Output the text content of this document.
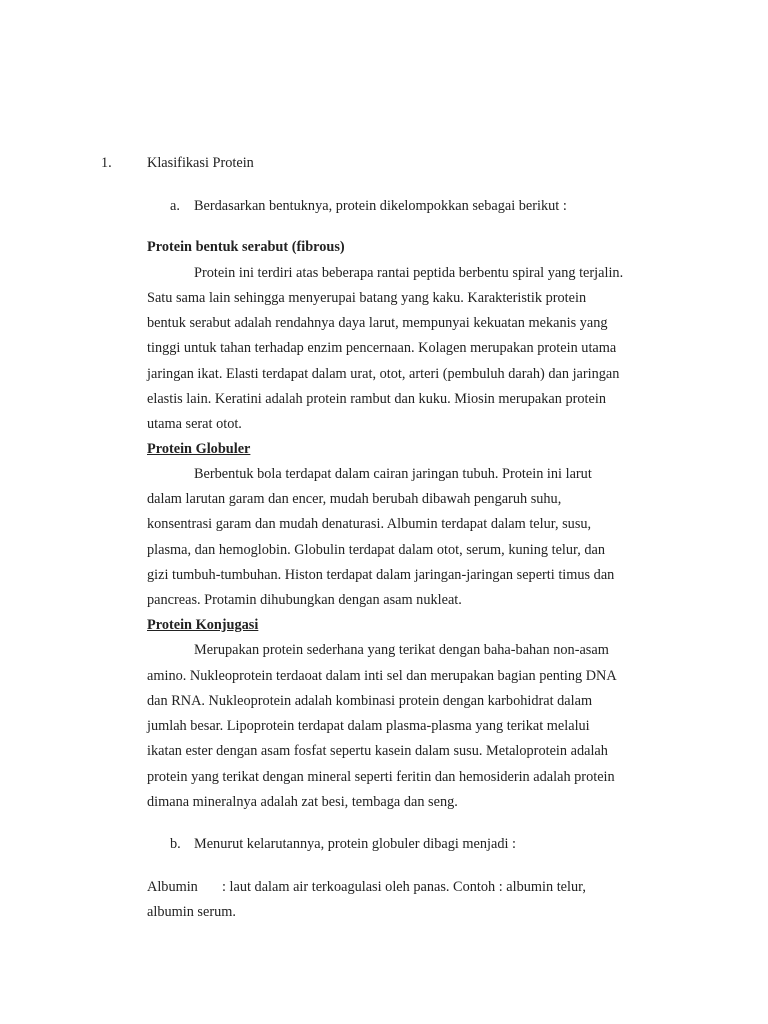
1. Klasifikasi Protein
a. Berdasarkan bentuknya, protein dikelompokkan sebagai berikut :
Protein bentuk serabut (fibrous)
Protein ini terdiri atas beberapa rantai peptida berbentu spiral yang terjalin.
Satu sama lain sehingga menyerupai batang yang kaku. Karakteristik protein
bentuk serabut adalah rendahnya daya larut, mempunyai kekuatan mekanis yang
tinggi untuk tahan terhadap enzim pencernaan. Kolagen merupakan protein utama
jaringan ikat. Elasti terdapat dalam urat, otot, arteri (pembuluh darah) dan jaringan
elastis lain. Keratini adalah protein rambut dan kuku. Miosin merupakan protein
utama serat otot.
Protein Globuler
Berbentuk bola terdapat dalam cairan jaringan tubuh. Protein ini larut
dalam larutan garam dan encer, mudah berubah dibawah pengaruh suhu,
konsentrasi garam dan mudah denaturasi. Albumin terdapat dalam telur, susu,
plasma, dan hemoglobin. Globulin terdapat dalam otot, serum, kuning telur, dan
gizi tumbuh-tumbuhan. Histon terdapat dalam jaringan-jaringan seperti timus dan
pancreas. Protamin dihubungkan dengan asam nukleat.
Protein Konjugasi
Merupakan protein sederhana yang terikat dengan baha-bahan non-asam
amino. Nukleoprotein terdaoat dalam inti sel dan merupakan bagian penting DNA
dan RNA. Nukleoprotein adalah kombinasi protein dengan karbohidrat dalam
jumlah besar. Lipoprotein terdapat dalam plasma-plasma yang terikat melalui
ikatan ester dengan asam fosfat sepertu kasein dalam susu. Metaloprotein adalah
protein yang terikat dengan mineral seperti feritin dan hemosiderin adalah protein
dimana mineralnya adalah zat besi, tembaga dan seng.
b. Menurut kelarutannya, protein globuler dibagi menjadi :
Albumin : laut dalam air terkoagulasi oleh panas. Contoh : albumin telur,
albumin serum.
